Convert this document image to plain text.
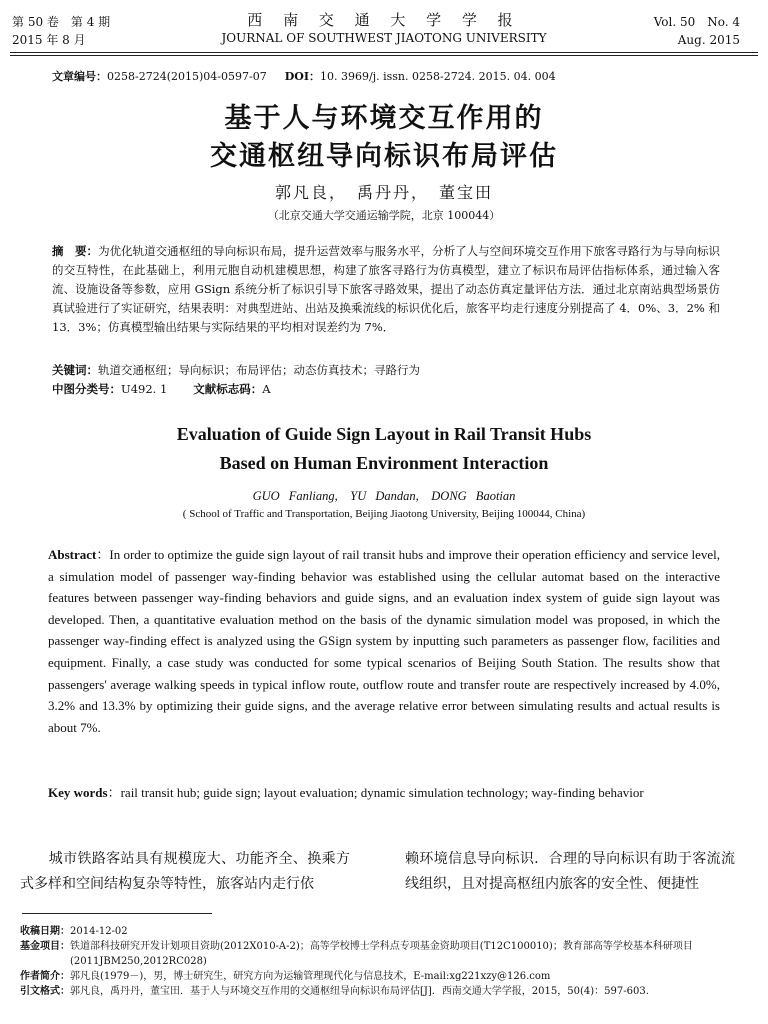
第 50 卷　第 4 期
2015 年 8 月
西 南 交 通 大 学 学 报
JOURNAL OF SOUTHWEST JIAOTONG UNIVERSITY
Vol. 50　No. 4
Aug. 2015
文章编号：0258-2724(2015)04-0597-07 DOI：10. 3969/j. issn. 0258-2724. 2015. 04. 004
基于人与环境交互作用的
交通枢纽导向标识布局评估
郭凡良，　禹丹丹，　董宝田
（北京交通大学交通运输学院，北京 100044）
摘　要：为优化轨道交通枢纽的导向标识布局，提升运营效率与服务水平，分析了人与空间环境交互作用下旅客寻路行为与导向标识的交互特性，在此基础上，利用元胞自动机建模思想，构建了旅客寻路行为仿真模型，建立了标识布局评估指标体系，通过输入客流、设施设备等参数，应用 GSign 系统分析了标识引导下旅客寻路效果，提出了动态仿真定量评估方法．通过北京南站典型场景仿真试验进行了实证研究，结果表明：对典型进站、出站及换乘流线的标识优化后，旅客平均走行速度分别提高了 4．0%、3．2% 和 13．3%；仿真模型输出结果与实际结果的平均相对误差约为 7%．
关键词：轨道交通枢纽；导向标识；布局评估；动态仿真技术；寻路行为
中图分类号：U492. 1 文献标志码：A
Evaluation of Guide Sign Layout in Rail Transit Hubs
Based on Human Environment Interaction
GUO Fanliang,　YU Dandan,　DONG Baotian
( School of Traffic and Transportation, Beijing Jiaotong University, Beijing 100044, China)
Abstract：In order to optimize the guide sign layout of rail transit hubs and improve their operation efficiency and service level, a simulation model of passenger way-finding behavior was established using the cellular automat based on the interactive features between passenger way-finding behaviors and guide signs, and an evaluation index system of guide sign layout was developed. Then, a quantitative evaluation method on the basis of the dynamic simulation model was proposed, in which the passenger way-finding effect is analyzed using the GSign system by inputting such parameters as passenger flow, facilities and equipment. Finally, a case study was conducted for some typical scenarios of Beijing South Station. The results show that passengers' average walking speeds in typical inflow route, outflow route and transfer route are respectively increased by 4.0%, 3.2% and 13.3% by optimizing their guide signs, and the average relative error between simulating results and actual results is about 7%.
Key words：rail transit hub; guide sign; layout evaluation; dynamic simulation technology; way-finding behavior
　　城市铁路客站具有规模庞大、功能齐全、换乘方式多样和空间结构复杂等特性，旅客站内走行依
赖环境信息导向标识．合理的导向标识有助于客流流线组织，且对提高枢纽内旅客的安全性、便捷性
收稿日期： 2014-12-02
基金项目： 铁道部科技研究开发计划项目资助(2012X010-A-2)；高等学校博士学科点专项基金资助项目(T12C100010)；教育部高等学校基本科研项目(2011JBM250,2012RC028)
作者简介： 郭凡良(1979－)，男，博士研究生，研究方向为运输管理现代化与信息技术，E-mail:xg221xzy@126.com
引文格式： 郭凡良，禹丹丹，董宝田．基于人与环境交互作用的交通枢纽导向标识布局评估[J]．西南交通大学学报，2015，50(4)：597-603.
